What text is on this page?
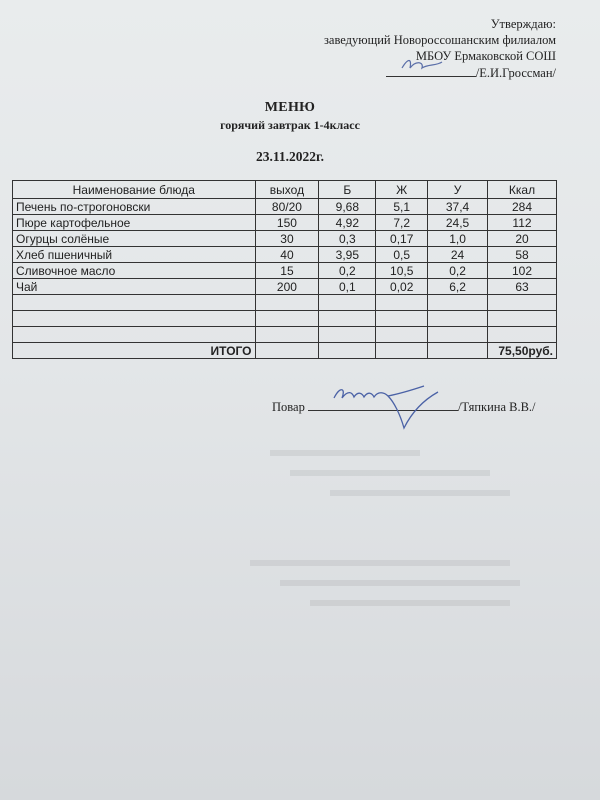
Утверждаю:
заведующий Новороссошанским филиалом
МБОУ Ермаковской СОШ
/Е.И.Гроссман/
МЕНЮ
горячий завтрак 1-4класс
23.11.2022г.
Наименование блюда	выход	Б	Ж	У	Ккал
Печень по-строгоновски	80/20	9,68	5,1	37,4	284
Пюре картофельное	150	4,92	7,2	24,5	112
Огурцы солёные	30	0,3	0,17	1,0	20
Хлеб пшеничный	40	3,95	0,5	24	58
Сливочное масло	15	0,2	10,5	0,2	102
Чай	200	0,1	0,02	6,2	63

ИТОГО					75,50руб.
Повар	/Тяпкина В.В./
